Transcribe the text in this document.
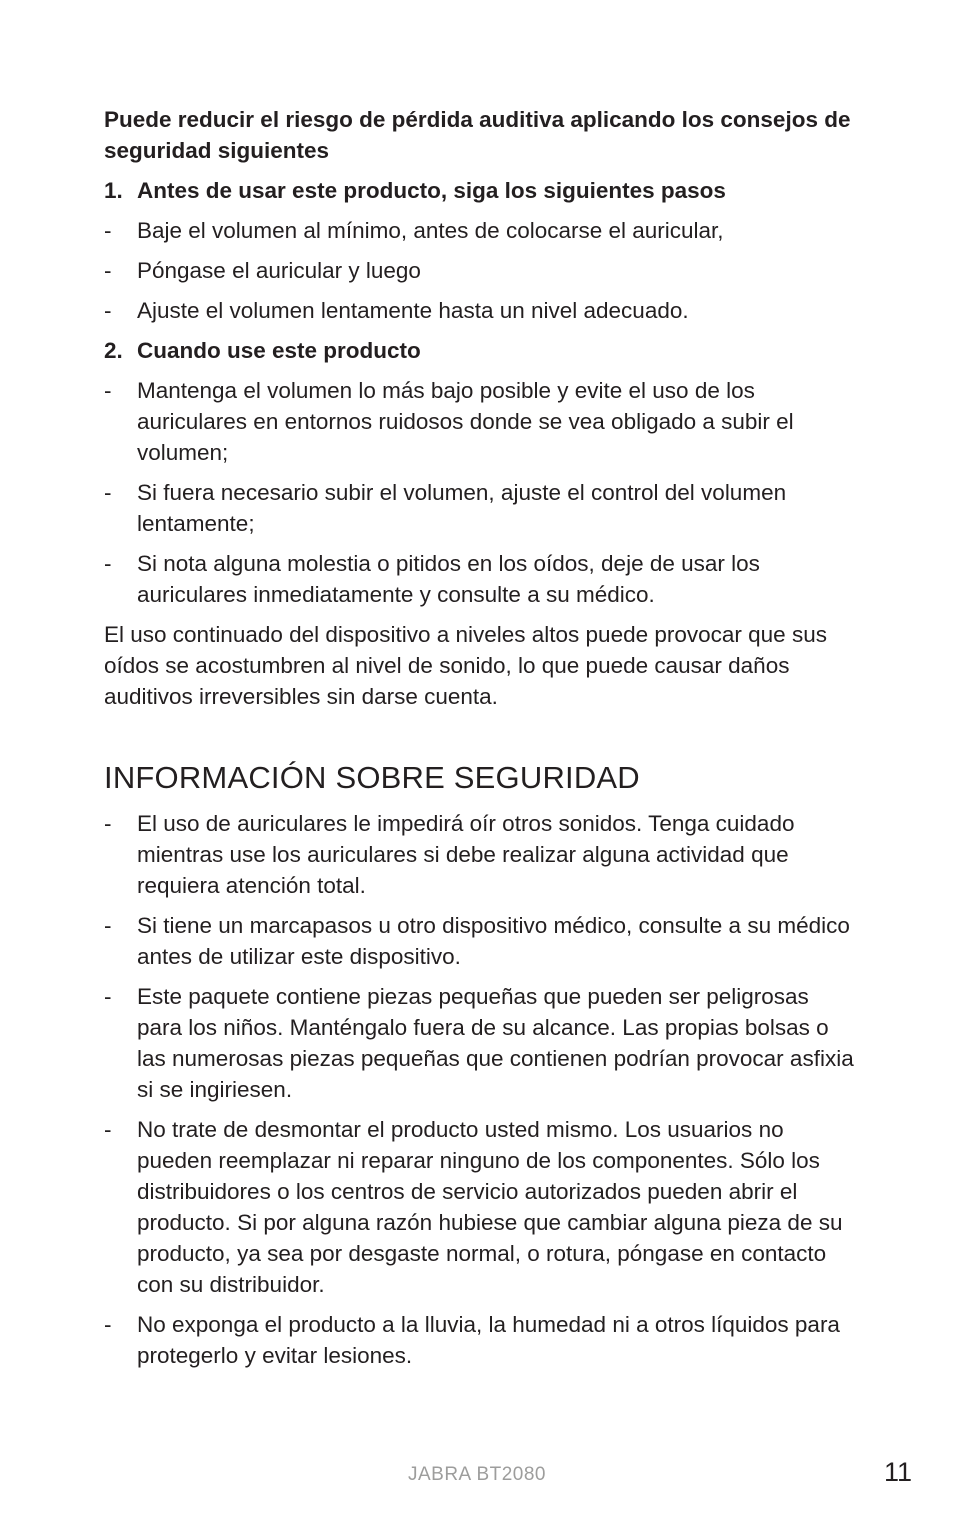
Puede reducir el riesgo de pérdida auditiva aplicando los consejos de seguridad siguientes

1. Antes de usar este producto, siga los siguientes pasos
-	Baje el volumen al mínimo, antes de colocarse el auricular,
-	Póngase el auricular y luego
-	Ajuste el volumen lentamente hasta un nivel adecuado.
2. Cuando use este producto
-	Mantenga el volumen lo más bajo posible y evite el uso de los auriculares en entornos ruidosos donde se vea obligado a subir el volumen;
-	Si fuera necesario subir el volumen, ajuste el control del volumen lentamente;
-	Si nota alguna molestia o pitidos en los oídos, deje de usar los auriculares inmediatamente y consulte a su médico.

El uso continuado del dispositivo a niveles altos puede provocar que sus oídos se acostumbren al nivel de sonido, lo que puede causar daños auditivos irreversibles sin darse cuenta.

INFORMACIÓN SOBRE SEGURIDAD
-	El uso de auriculares le impedirá oír otros sonidos. Tenga cuidado mientras use los auriculares si debe realizar alguna actividad que requiera atención total.
-	Si tiene un marcapasos u otro dispositivo médico, consulte a su médico antes de utilizar este dispositivo.
-	Este paquete contiene piezas pequeñas que pueden ser peligrosas para los niños. Manténgalo fuera de su alcance. Las propias bolsas o las numerosas piezas pequeñas que contienen podrían provocar asfixia si se ingiriesen.
-	No trate de desmontar el producto usted mismo. Los usuarios no pueden reemplazar ni reparar ninguno de los componentes. Sólo los distribuidores o los centros de servicio autorizados pueden abrir el producto. Si por alguna razón hubiese que cambiar alguna pieza de su producto, ya sea por desgaste normal, o rotura, póngase en contacto con su distribuidor.
-	No exponga el producto a la lluvia, la humedad ni a otros líquidos para protegerlo y evitar lesiones.
JABRA BT2080	11
